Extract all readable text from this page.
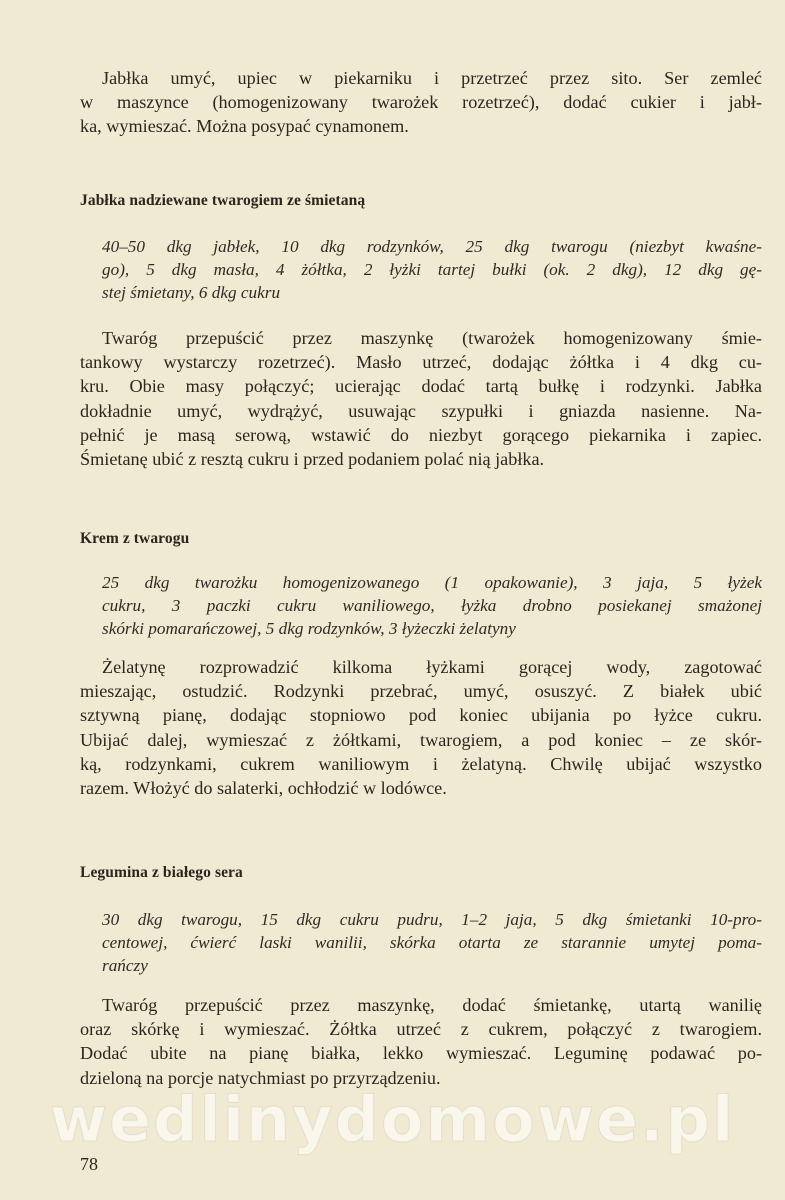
Jabłka umyć, upiec w piekarniku i przetrzeć przez sito. Ser zemleć
w maszynce (homogenizowany twarożek rozetrzeć), dodać cukier i jabł-
ka, wymieszać. Można posypać cynamonem.

Jabłka nadziewane twarogiem ze śmietaną

40–50 dkg jabłek, 10 dkg rodzynków, 25 dkg twarogu (niezbyt kwaśne-
go), 5 dkg masła, 4 żółtka, 2 łyżki tartej bułki (ok. 2 dkg), 12 dkg gę-
stej śmietany, 6 dkg cukru

Twaróg przepuścić przez maszynkę (twarożek homogenizowany śmie-
tankowy wystarczy rozetrzeć). Masło utrzeć, dodając żółtka i 4 dkg cu-
kru. Obie masy połączyć; ucierając dodać tartą bułkę i rodzynki. Jabłka
dokładnie umyć, wydrążyć, usuwając szypułki i gniazda nasienne. Na-
pełnić je masą serową, wstawić do niezbyt gorącego piekarnika i zapiec.
Śmietanę ubić z resztą cukru i przed podaniem polać nią jabłka.

Krem z twarogu

25 dkg twarożku homogenizowanego (1 opakowanie), 3 jaja, 5 łyżek
cukru, 3 paczki cukru waniliowego, łyżka drobno posiekanej smażonej
skórki pomarańczowej, 5 dkg rodzynków, 3 łyżeczki żelatyny

Żelatynę rozprowadzić kilkoma łyżkami gorącej wody, zagotować
mieszając, ostudzić. Rodzynki przebrać, umyć, osuszyć. Z białek ubić
sztywną pianę, dodając stopniowo pod koniec ubijania po łyżce cukru.
Ubijać dalej, wymieszać z żółtkami, twarogiem, a pod koniec – ze skór-
ką, rodzynkami, cukrem waniliowym i żelatyną. Chwilę ubijać wszystko
razem. Włożyć do salaterki, ochłodzić w lodówce.

Legumina z białego sera

30 dkg twarogu, 15 dkg cukru pudru, 1–2 jaja, 5 dkg śmietanki 10-pro-
centowej, ćwierć laski wanilii, skórka otarta ze starannie umytej poma-
rańczy

Twaróg przepuścić przez maszynkę, dodać śmietankę, utartą wanilię
oraz skórkę i wymieszać. Żółtka utrzeć z cukrem, połączyć z twarogiem.
Dodać ubite na pianę białka, lekko wymieszać. Leguminę podawać po-
dzieloną na porcje natychmiast po przyrządzeniu.

wedlinydomowe.pl
78
